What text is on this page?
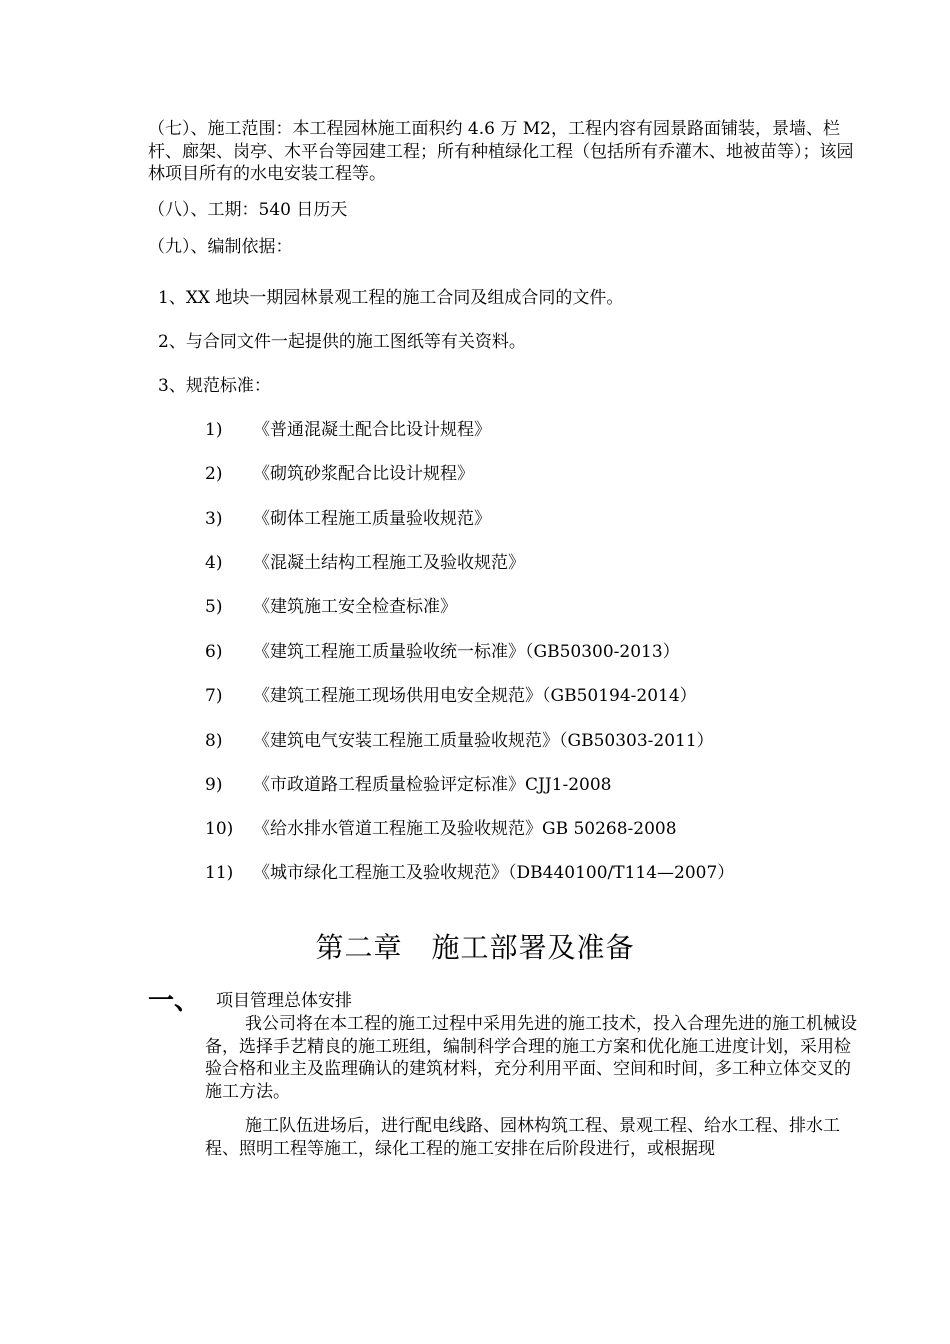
（七）、施工范围：本工程园林施工面积约 4.6 万 M2，工程内容有园景路面铺装，景墙、栏杆、廊架、岗亭、木平台等园建工程；所有种植绿化工程（包括所有乔灌木、地被苗等）；该园林项目所有的水电安装工程等。
（八）、工期：540 日历天
（九）、编制依据：
1、XX 地块一期园林景观工程的施工合同及组成合同的文件。
2、与合同文件一起提供的施工图纸等有关资料。
3、规范标准：
1) 《普通混凝土配合比设计规程》
2) 《砌筑砂浆配合比设计规程》
3) 《砌体工程施工质量验收规范》
4) 《混凝土结构工程施工及验收规范》
5) 《建筑施工安全检查标准》
6) 《建筑工程施工质量验收统一标准》（GB50300-2013）
7) 《建筑工程施工现场供用电安全规范》（GB50194-2014）
8) 《建筑电气安装工程施工质量验收规范》（GB50303-2011）
9) 《市政道路工程质量检验评定标准》CJJ1-2008
10) 《给水排水管道工程施工及验收规范》GB 50268-2008
11) 《城市绿化工程施工及验收规范》（DB440100/T114—2007）
第二章　施工部署及准备
一、 项目管理总体安排
我公司将在本工程的施工过程中采用先进的施工技术，投入合理先进的施工机械设备，选择手艺精良的施工班组，编制科学合理的施工方案和优化施工进度计划，采用检验合格和业主及监理确认的建筑材料，充分利用平面、空间和时间，多工种立体交叉的施工方法。
施工队伍进场后，进行配电线路、园林构筑工程、景观工程、给水工程、排水工程、照明工程等施工，绿化工程的施工安排在后阶段进行，或根据现
